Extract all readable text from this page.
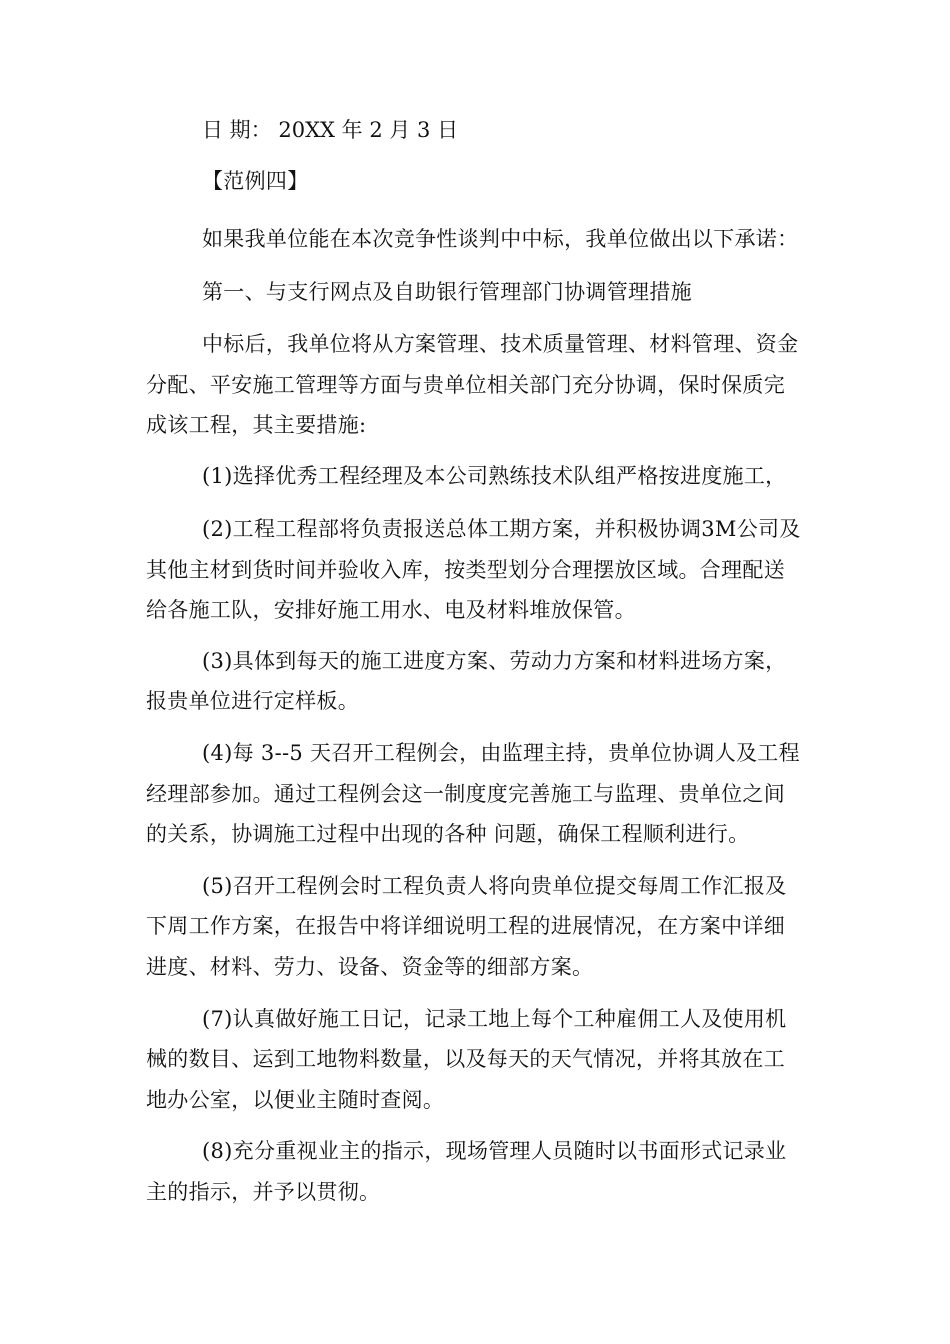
日 期： 20XX 年 2 月 3 日
【范例四】
如果我单位能在本次竞争性谈判中中标，我单位做出以下承诺：
第一、与支行网点及自助银行管理部门协调管理措施
中标后，我单位将从方案管理、技术质量管理、材料管理、资金
分配、平安施工管理等方面与贵单位相关部门充分协调，保时保质完
成该工程，其主要措施:
(1)选择优秀工程经理及本公司熟练技术队组严格按进度施工，
(2)工程工程部将负责报送总体工期方案，并积极协调3M公司及
其他主材到货时间并验收入库，按类型划分合理摆放区域。合理配送
给各施工队，安排好施工用水、电及材料堆放保管。
(3)具体到每天的施工进度方案、劳动力方案和材料进场方案，
报贵单位进行定样板。
(4)每 3--5 天召开工程例会，由监理主持，贵单位协调人及工程
经理部参加。通过工程例会这一制度度完善施工与监理、贵单位之间
的关系，协调施工过程中出现的各种 问题，确保工程顺利进行。
(5)召开工程例会时工程负责人将向贵单位提交每周工作汇报及
下周工作方案，在报告中将详细说明工程的进展情况，在方案中详细
进度、材料、劳力、设备、资金等的细部方案。
(7)认真做好施工日记，记录工地上每个工种雇佣工人及使用机
械的数目、运到工地物料数量，以及每天的天气情况，并将其放在工
地办公室，以便业主随时查阅。
(8)充分重视业主的指示，现场管理人员随时以书面形式记录业
主的指示，并予以贯彻。
